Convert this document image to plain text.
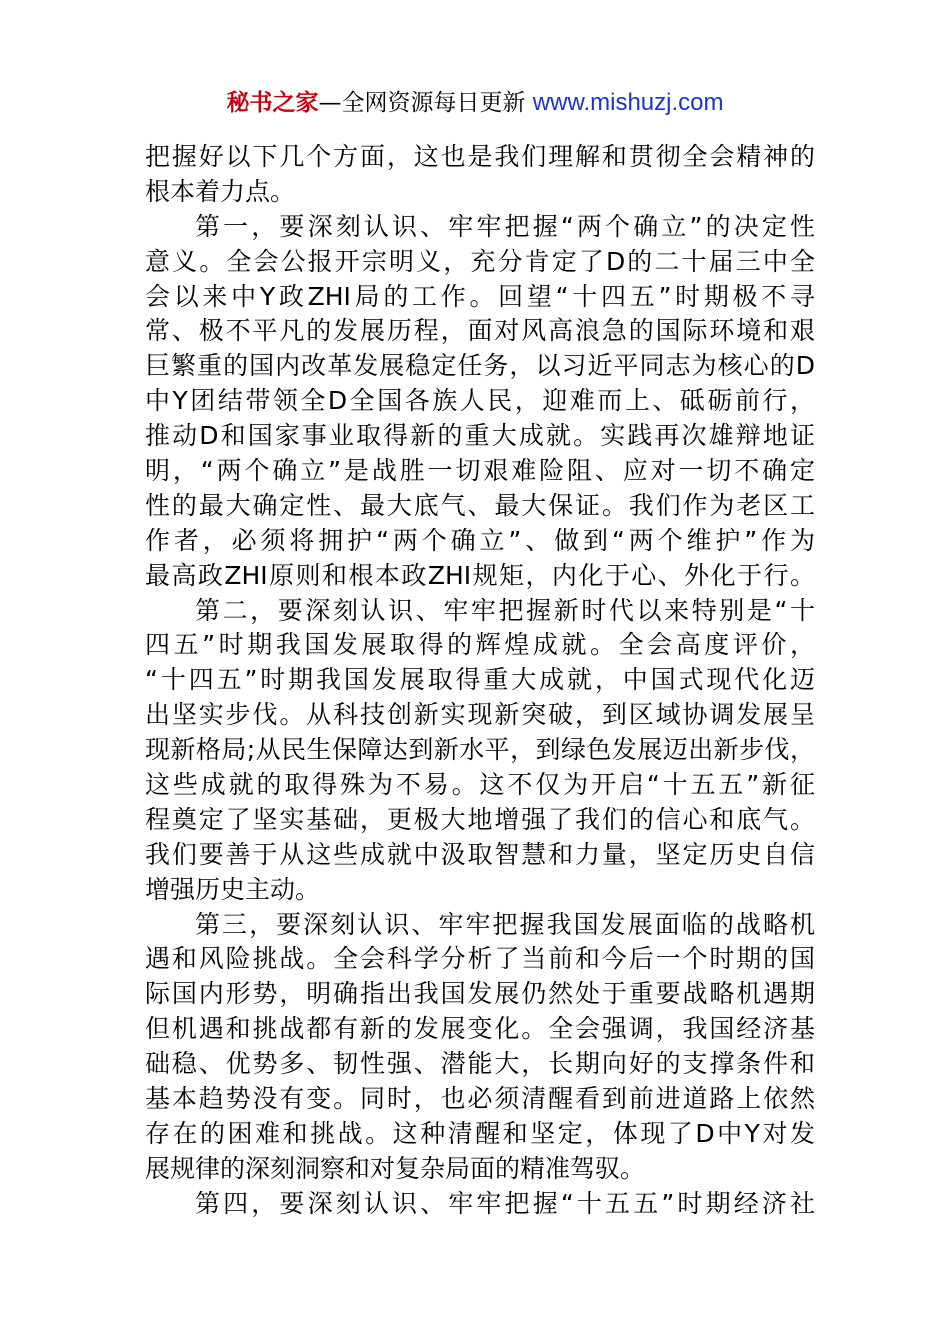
秘书之家—全网资源每日更新 www.mishuzj.com
把握好以下几个方面，这也是我们理解和贯彻全会精神的
根本着力点。
第一，要深刻认识、牢牢把握“两个确立”的决定性
意义。全会公报开宗明义，充分肯定了D的二十届三中全
会以来中Y政ZHI局的工作。回望“十四五”时期极不寻
常、极不平凡的发展历程，面对风高浪急的国际环境和艰
巨繁重的国内改革发展稳定任务，以习近平同志为核心的D
中Y团结带领全D全国各族人民，迎难而上、砥砺前行，
推动D和国家事业取得新的重大成就。实践再次雄辩地证
明，“两个确立”是战胜一切艰难险阻、应对一切不确定
性的最大确定性、最大底气、最大保证。我们作为老区工
作者，必须将拥护“两个确立”、做到“两个维护”作为
最高政ZHI原则和根本政ZHI规矩，内化于心、外化于行。
第二，要深刻认识、牢牢把握新时代以来特别是“十
四五”时期我国发展取得的辉煌成就。全会高度评价，
“十四五”时期我国发展取得重大成就，中国式现代化迈
出坚实步伐。从科技创新实现新突破，到区域协调发展呈
现新格局;从民生保障达到新水平，到绿色发展迈出新步伐，
这些成就的取得殊为不易。这不仅为开启“十五五”新征
程奠定了坚实基础，更极大地增强了我们的信心和底气。
我们要善于从这些成就中汲取智慧和力量，坚定历史自信
增强历史主动。
第三，要深刻认识、牢牢把握我国发展面临的战略机
遇和风险挑战。全会科学分析了当前和今后一个时期的国
际国内形势，明确指出我国发展仍然处于重要战略机遇期
但机遇和挑战都有新的发展变化。全会强调，我国经济基
础稳、优势多、韧性强、潜能大，长期向好的支撑条件和
基本趋势没有变。同时，也必须清醒看到前进道路上依然
存在的困难和挑战。这种清醒和坚定，体现了D中Y对发
展规律的深刻洞察和对复杂局面的精准驾驭。
第四，要深刻认识、牢牢把握“十五五”时期经济社
